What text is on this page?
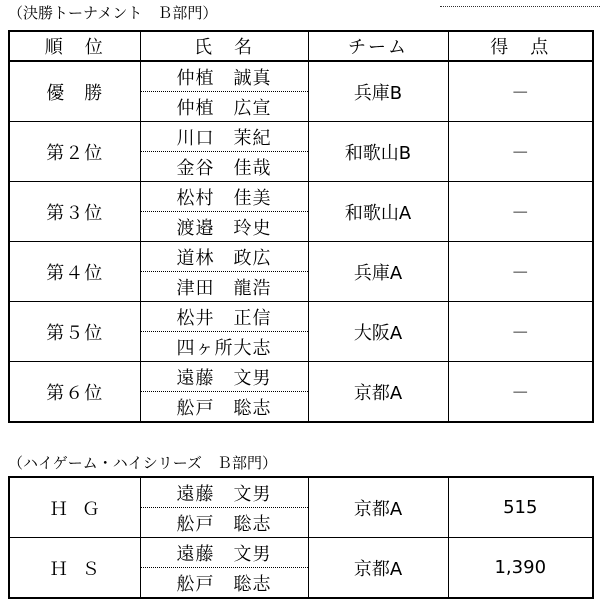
（決勝トーナメント　Ｂ部門）
順　位	氏　名	チーム	得　点
優　勝	仲植　誠真	兵庫B	－
	仲植　広宣		
第２位	川口　茉紀	和歌山B	－
	金谷　佳哉		
第３位	松村　佳美	和歌山A	－
	渡邉　玲史		
第４位	道林　政広	兵庫A	－
	津田　龍浩		
第５位	松井　正信	大阪A	－
	四ヶ所大志		
第６位	遠藤　文男	京都A	－
	舩戸　聡志		
（ハイゲーム・ハイシリーズ　Ｂ部門）
ＨＧ	遠藤　文男	京都A	515
	舩戸　聡志		
ＨＳ	遠藤　文男	京都A	1,390
	舩戸　聡志		
